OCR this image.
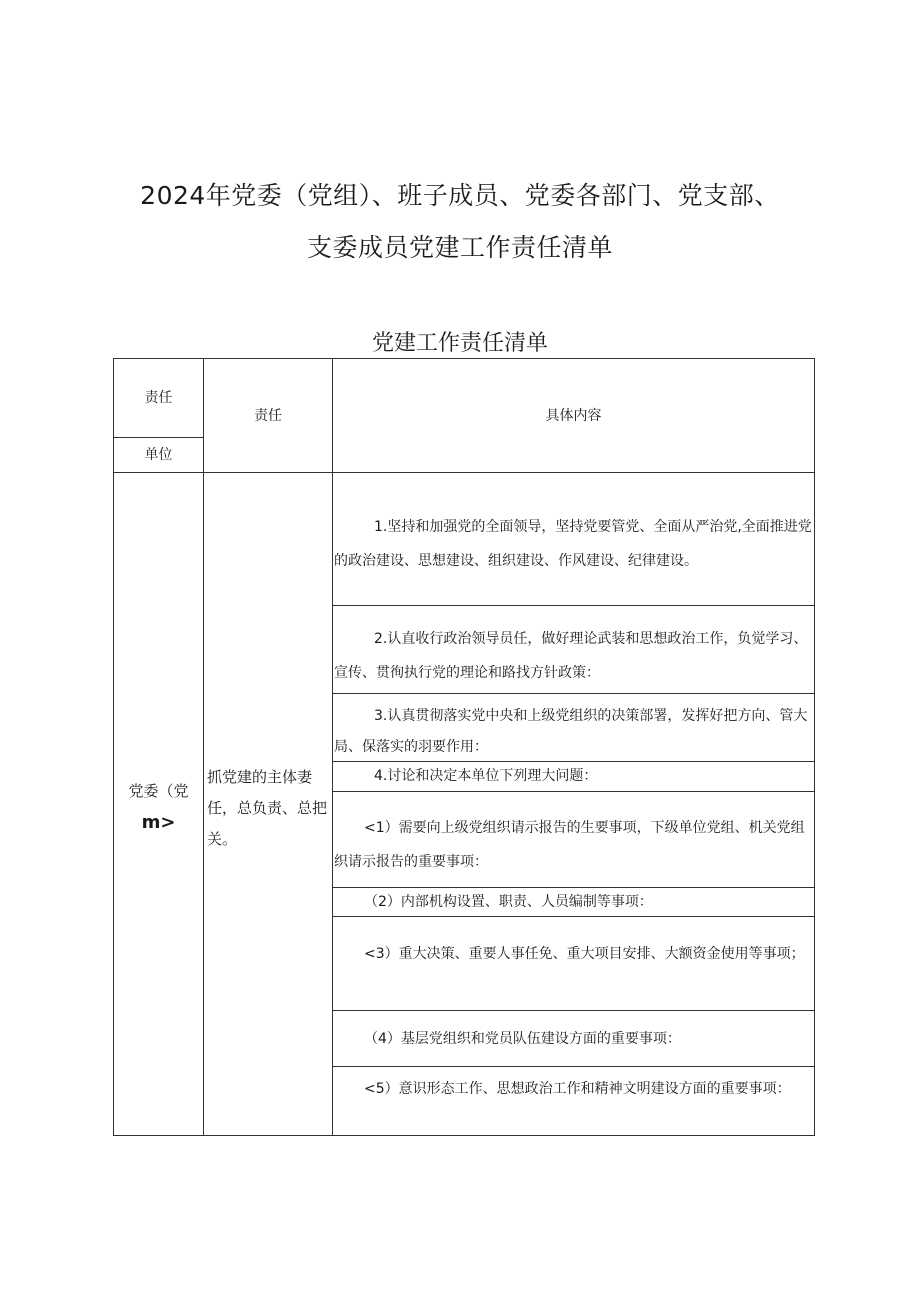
2024年党委（党组）、班子成员、党委各部门、党支部、
支委成员党建工作责任清单
党建工作责任清单
责任
单位
责任	具体内容
党委（党
m>
抓党建的主体妻任，总负责、总把关。
1.坚持和加强党的全面领导，坚持党要管党、全面从严治党,全面推进党的政治建设、思想建设、组织建设、作风建设、纪律建设。
2.认直收行政治领导员任，做好理论武装和思想政治工作，负觉学习、宣传、贯徇执行党的理论和路找方针政策：
3.认真贯彻落实党中央和上级党组织的决策部署，发挥好把方向、管大局、保落实的羽要作用：
4.讨论和决定本单位下列理大问题：
<1）需要向上级党组织请示报告的生要事项，下级单位党组、机关党组织请示报告的重要事项：
（2）内部机构设置、职责、人员编制等事项：
<3）重大决策、重要人事任免、重大项目安排、大额资金使用等事项；
（4）基层党组织和党员队伍建设方面的重要事项：
<5）意识形态工作、思想政治工作和精神文明建设方面的重要事项：
